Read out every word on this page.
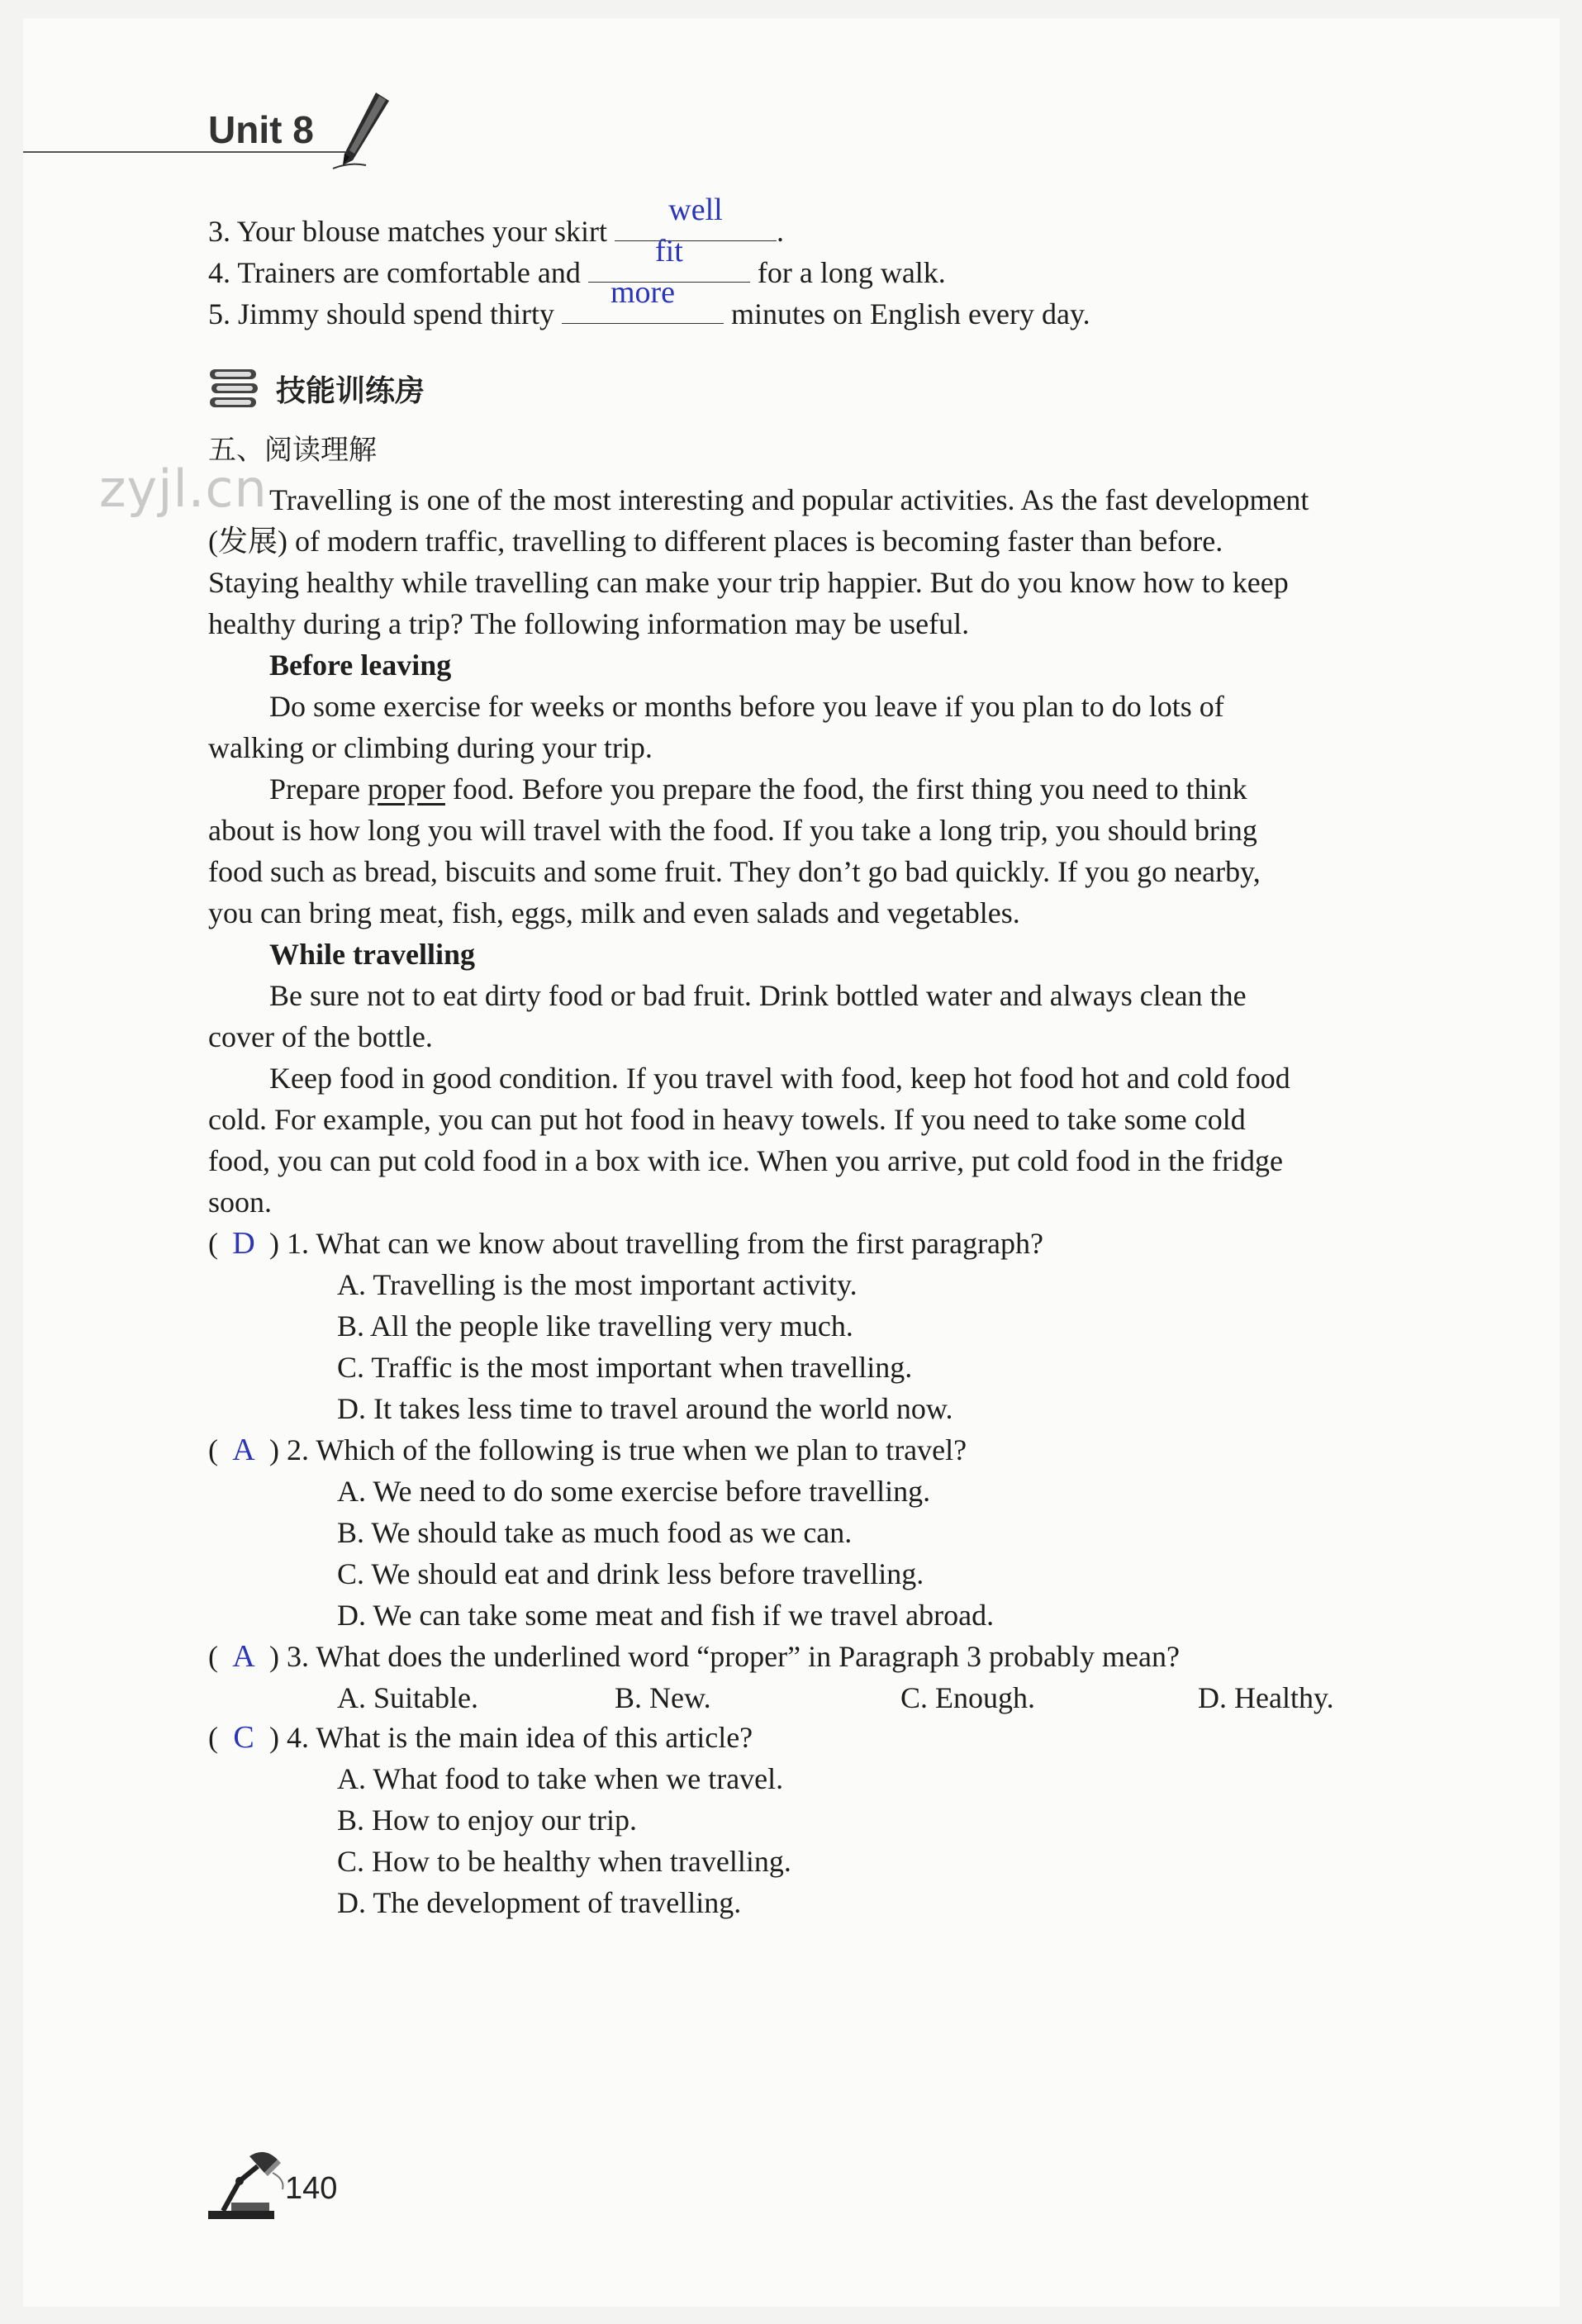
Unit 8
3. Your blouse matches your skirt
well
.
4. Trainers are comfortable and
fit
for a long walk.
5. Jimmy should spend thirty
more
minutes on English every day.
技能训练房
五、阅读理解
zyjl.cn Travelling is one of the most interesting and popular activities. As the fast development
(发展) of modern traffic, travelling to different places is becoming faster than before.
Staying healthy while travelling can make your trip happier. But do you know how to keep
healthy during a trip? The following information may be useful.
Before leaving
Do some exercise for weeks or months before you leave if you plan to do lots of
walking or climbing during your trip.
Prepare proper food. Before you prepare the food, the first thing you need to think
about is how long you will travel with the food. If you take a long trip, you should bring
food such as bread, biscuits and some fruit. They don’t go bad quickly. If you go nearby,
you can bring meat, fish, eggs, milk and even salads and vegetables.
While travelling
Be sure not to eat dirty food or bad fruit. Drink bottled water and always clean the
cover of the bottle.
Keep food in good condition. If you travel with food, keep hot food hot and cold food
cold. For example, you can put hot food in heavy towels. If you need to take some cold
food, you can put cold food in a box with ice. When you arrive, put cold food in the fridge
soon.
( D ) 1. What can we know about travelling from the first paragraph?
A. Travelling is the most important activity.
B. All the people like travelling very much.
C. Traffic is the most important when travelling.
D. It takes less time to travel around the world now.
( A ) 2. Which of the following is true when we plan to travel?
A. We need to do some exercise before travelling.
B. We should take as much food as we can.
C. We should eat and drink less before travelling.
D. We can take some meat and fish if we travel abroad.
( A ) 3. What does the underlined word “proper” in Paragraph 3 probably mean?
A. Suitable.	B. New.	C. Enough.	D. Healthy.
( C ) 4. What is the main idea of this article?
A. What food to take when we travel.
B. How to enjoy our trip.
C. How to be healthy when travelling.
D. The development of travelling.
140
